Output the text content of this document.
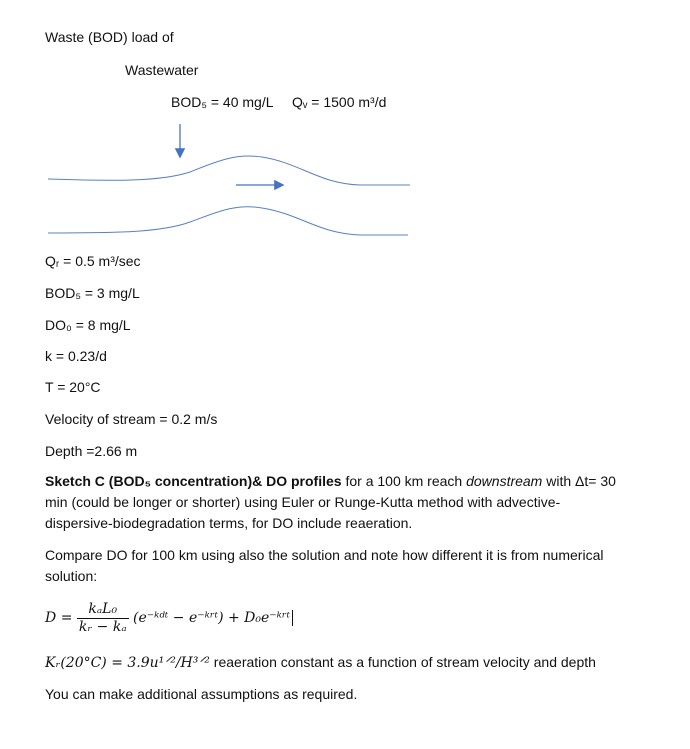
Waste (BOD) load of
Wastewater
BOD₅ = 40 mg/L Qᵥ = 1500 m³/d
Qᵣ = 0.5 m³/sec
BOD₅ = 3 mg/L
DO₀ = 8 mg/L
k = 0.23/d
T = 20°C
Velocity of stream = 0.2 m/s
Depth =2.66 m
Sketch C (BOD₅ concentration)& DO profiles for a 100 km reach downstream with Δt= 30
min (could be longer or shorter) using Euler or Runge-Kutta method with advective-
dispersive-biodegradation terms, for DO include reaeration.
Compare DO for 100 km using also the solution and note how different it is from numerical
solution:
$D = \frac{\text{kₐL₀}}{\text{kᵣ − kₐ}}$ (e⁻ᵏᵈᵗ − e⁻ᵏʳᵗ) + D₀e⁻ᵏʳᵗ
Kᵣ(20°C) = 3.9u¹ᐟ²/H³ᐟ² reaeration constant as a function of stream velocity and depth
You can make additional assumptions as required.
